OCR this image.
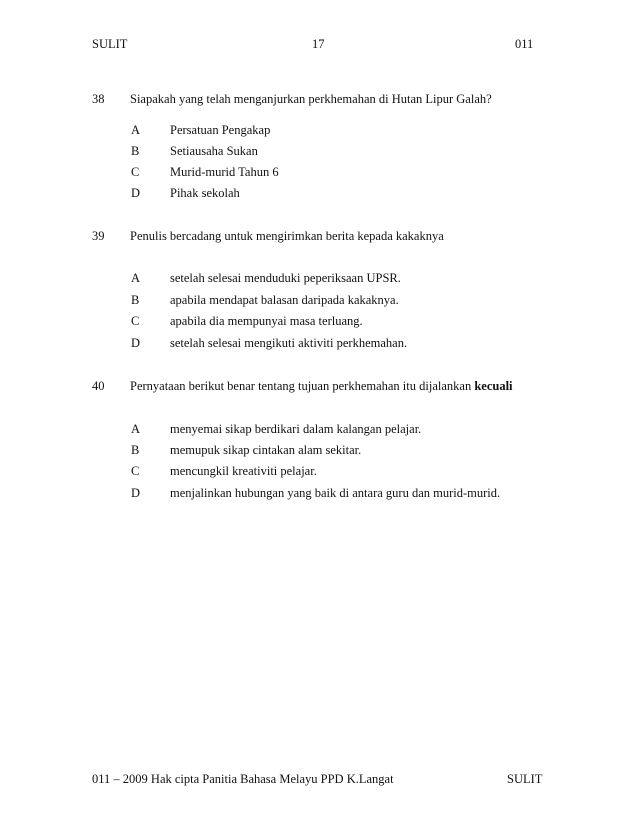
SULIT	17	011
38 Siapakah yang telah menganjurkan perkhemahan di Hutan Lipur Galah?
A Persatuan Pengakap
B Setiausaha Sukan
C Murid-murid Tahun 6
D Pihak sekolah
39 Penulis bercadang untuk mengirimkan berita kepada kakaknya
A setelah selesai menduduki peperiksaan UPSR.
B apabila mendapat balasan daripada kakaknya.
C apabila dia mempunyai masa terluang.
D setelah selesai mengikuti aktiviti perkhemahan.
40 Pernyataan berikut benar tentang tujuan perkhemahan itu dijalankan kecuali
A menyemai sikap berdikari dalam kalangan pelajar.
B memupuk sikap cintakan alam sekitar.
C mencungkil kreativiti pelajar.
D menjalinkan hubungan yang baik di antara guru dan murid-murid.
011 – 2009 Hak cipta Panitia Bahasa Melayu PPD K.Langat	SULIT
